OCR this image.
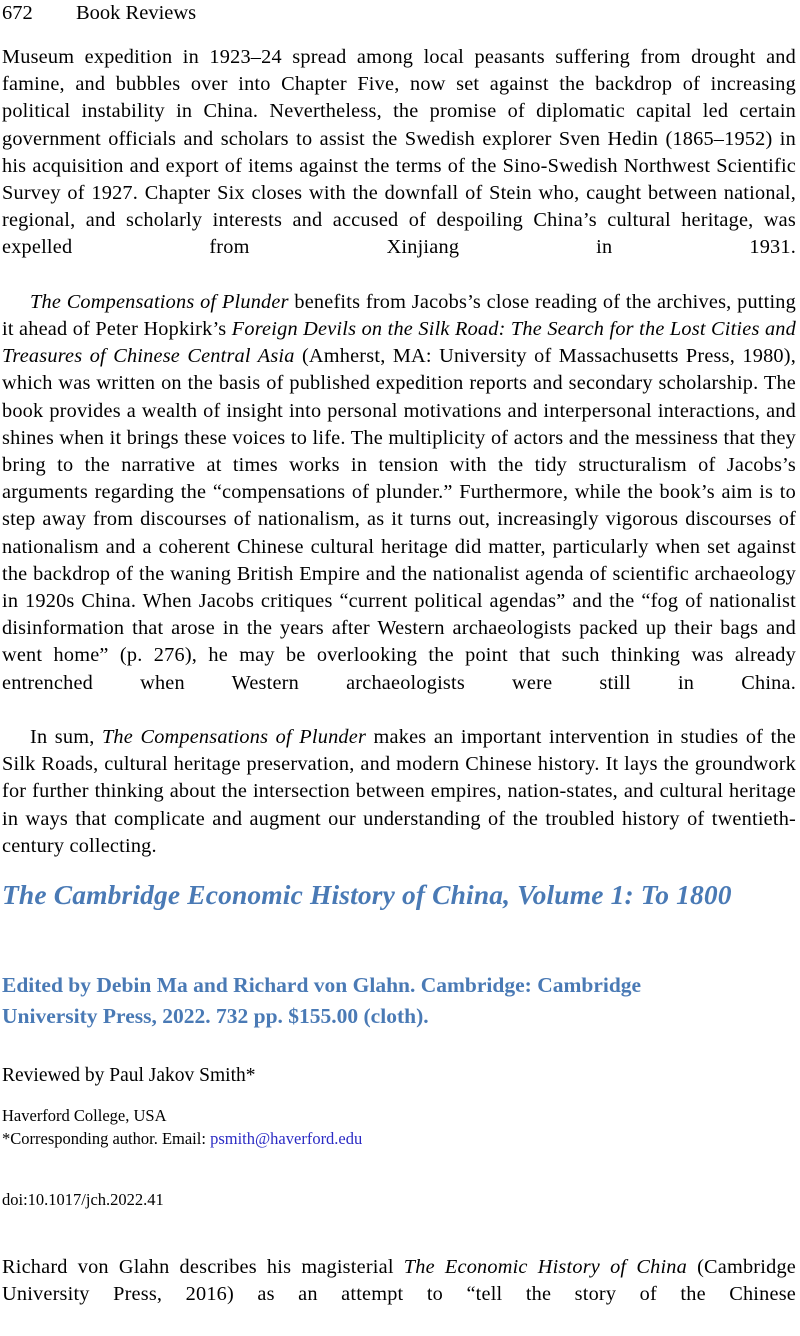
672 Book Reviews

Museum expedition in 1923–24 spread among local peasants suffering from drought and famine, and bubbles over into Chapter Five, now set against the backdrop of increasing political instability in China. Nevertheless, the promise of diplomatic capital led certain government officials and scholars to assist the Swedish explorer Sven Hedin (1865–1952) in his acquisition and export of items against the terms of the Sino-Swedish Northwest Scientific Survey of 1927. Chapter Six closes with the downfall of Stein who, caught between national, regional, and scholarly interests and accused of despoiling China’s cultural heritage, was expelled from Xinjiang in 1931.

The Compensations of Plunder benefits from Jacobs’s close reading of the archives, putting it ahead of Peter Hopkirk’s Foreign Devils on the Silk Road: The Search for the Lost Cities and Treasures of Chinese Central Asia (Amherst, MA: University of Massachusetts Press, 1980), which was written on the basis of published expedition reports and secondary scholarship. The book provides a wealth of insight into personal motivations and interpersonal interactions, and shines when it brings these voices to life. The multiplicity of actors and the messiness that they bring to the narrative at times works in tension with the tidy structuralism of Jacobs’s arguments regarding the “compensations of plunder.” Furthermore, while the book’s aim is to step away from discourses of nationalism, as it turns out, increasingly vigorous discourses of nationalism and a coherent Chinese cultural heritage did matter, particularly when set against the backdrop of the waning British Empire and the nationalist agenda of scientific archaeology in 1920s China. When Jacobs critiques “current political agendas” and the “fog of nationalist disinformation that arose in the years after Western archaeologists packed up their bags and went home” (p. 276), he may be overlooking the point that such thinking was already entrenched when Western archaeologists were still in China.

In sum, The Compensations of Plunder makes an important intervention in studies of the Silk Roads, cultural heritage preservation, and modern Chinese history. It lays the groundwork for further thinking about the intersection between empires, nation-states, and cultural heritage in ways that complicate and augment our understanding of the troubled history of twentieth-century collecting.

The Cambridge Economic History of China, Volume 1: To 1800

Edited by Debin Ma and Richard von Glahn. Cambridge: Cambridge University Press, 2022. 732 pp. $155.00 (cloth).

Reviewed by Paul Jakov Smith*

Haverford College, USA

*Corresponding author. Email: psmith@haverford.edu

doi:10.1017/jch.2022.41

Richard von Glahn describes his magisterial The Economic History of China (Cambridge University Press, 2016) as an attempt to “tell the story of the Chinese
